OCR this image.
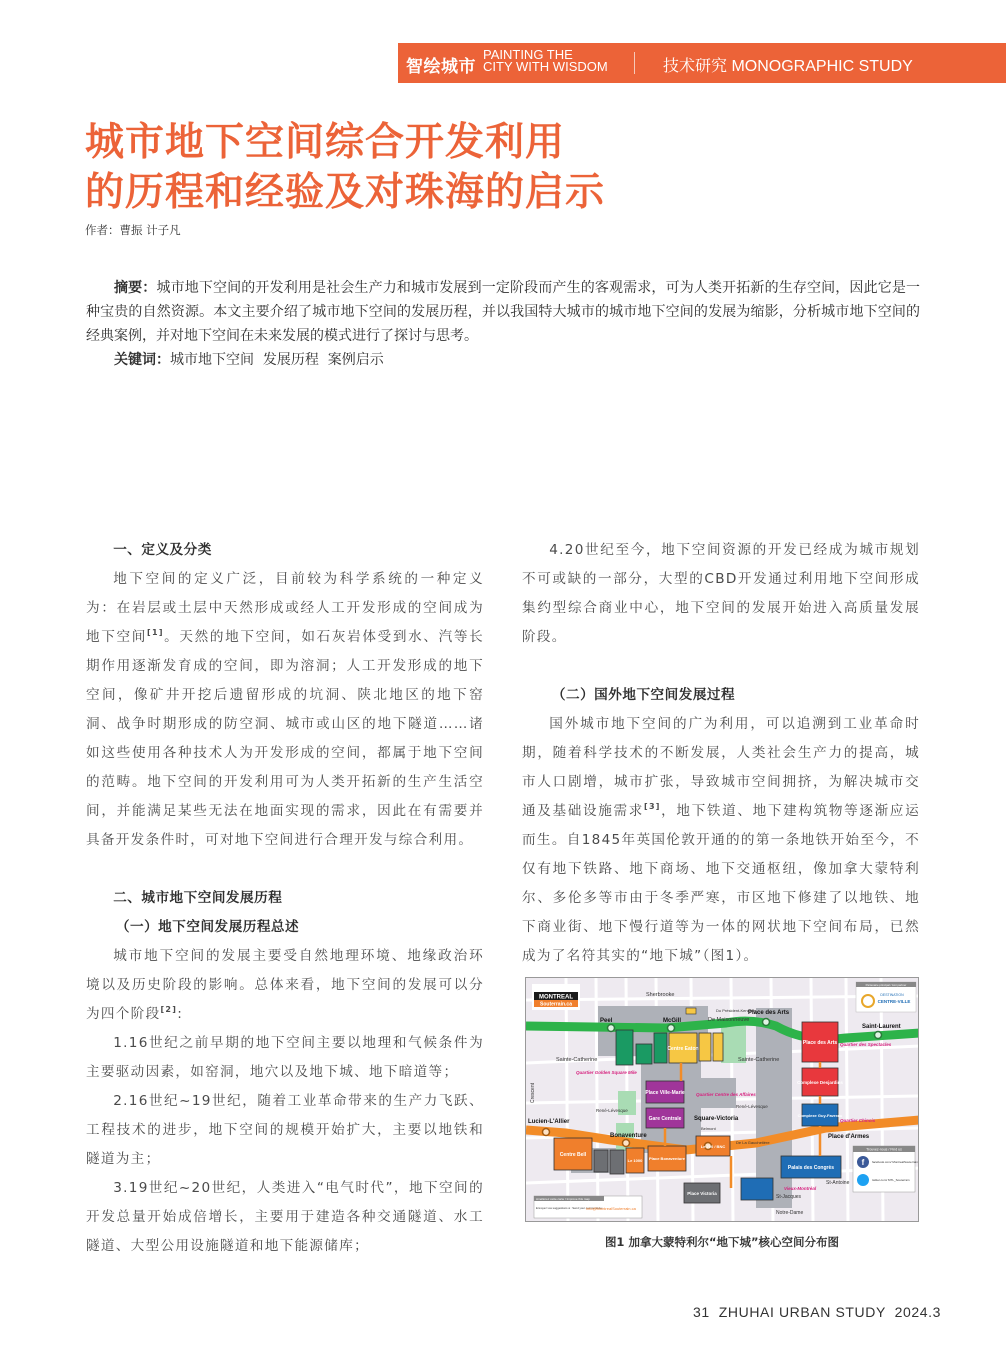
智绘城市
PAINTING THE
CITY WITH WISDOM	技术研究 MONOGRAPHIC STUDY
城市地下空间综合开发利用
的历程和经验及对珠海的启示
作者：曹振 计子凡
摘要：城市地下空间的开发利用是社会生产力和城市发展到一定阶段而产生的客观需求，可为人类开拓新的生存空间，因此它是一种宝贵的自然资源。本文主要介绍了城市地下空间的发展历程，并以我国特大城市的城市地下空间的发展为缩影，分析城市地下空间的经典案例，并对地下空间在未来发展的模式进行了探讨与思考。
关键词：城市地下空间  发展历程  案例启示
一、定义及分类
地下空间的定义广泛，目前较为科学系统的一种定义为：在岩层或土层中天然形成或经人工开发形成的空间成为地下空间[1]。天然的地下空间，如石灰岩体受到水、汽等长期作用逐渐发育成的空间，即为溶洞；人工开发形成的地下空间，像矿井开挖后遗留形成的坑洞、陕北地区的地下窑洞、战争时期形成的防空洞、城市或山区的地下隧道……诸如这些使用各种技术人为开发形成的空间，都属于地下空间的范畴。地下空间的开发利用可为人类开拓新的生产生活空间，并能满足某些无法在地面实现的需求，因此在有需要并具备开发条件时，可对地下空间进行合理开发与综合利用。
二、城市地下空间发展历程
（一）地下空间发展历程总述
城市地下空间的发展主要受自然地理环境、地缘政治环境以及历史阶段的影响。总体来看，地下空间的发展可以分为四个阶段[2]:
1.16世纪之前早期的地下空间主要以地理和气候条件为主要驱动因素，如窑洞，地穴以及地下城、地下暗道等；
2.16世纪~19世纪，随着工业革命带来的生产力飞跃、工程技术的进步，地下空间的规模开始扩大，主要以地铁和隧道为主；
3.19世纪~20世纪，人类进入“电气时代”，地下空间的开发总量开始成倍增长，主要用于建造各种交通隧道、水工隧道、大型公用设施隧道和地下能源储库；
4.20世纪至今，地下空间资源的开发已经成为城市规划不可或缺的一部分，大型的CBD开发通过利用地下空间形成集约型综合商业中心，地下空间的发展开始进入高质量发展阶段。
（二）国外地下空间发展过程
国外城市地下空间的广为利用，可以追溯到工业革命时期，随着科学技术的不断发展，人类社会生产力的提高，城市人口剧增，城市扩张，导致城市空间拥挤，为解决城市交通及基础设施需求[3]，地下铁道、地下建构筑物等逐渐应运而生。自1845年英国伦敦开通的的第一条地铁开始至今，不仅有地下铁路、地下商场、地下交通枢纽，像加拿大蒙特利尔、多伦多等市由于冬季严寒，市区地下修建了以地铁、地下商业街、地下慢行道等为一体的网状地下空间布局，已然成为了名符其实的“地下城”（图1）。
Peel	McGill
Place des Arts
Saint-Laurent
Lucien-L'Allier
Bonaventure
Square-Victoria
Place d'Armes
Sherbrooke
Du Président-Kennedy
De Maisonneuve
Sainte-Catherine	Sainte-Catherine
René-Lévesque
René-Lévesque
De La Gauchetière
St-Antoine
St-Jacques
Notre-Dame
Belmont
Crescent	Place Ville-Marie
Gare Centrale
Centre Eaton
Place des Arts
Complexe Desjardins
Complexe Guy-Favreau
Palais des Congrès
Centre Bell
Le 1000 Place Bonaventure
Le 700 / BNC
Place Victoria
Quartier Golden Square Mile
Quartier Centre des Affaires
Quartier des Spectacles
Quartier Chinois
Vieux-Montréal
MONTREAL
Souterrain.ca
Partenaire principal / Ami partner
DESTINATION
CENTRE-VILLE
Trouvez-nous / Find us
f	facebook.com/ MontrealSouterrain
twitter.com/ MTL_Souterrain
Améliorez cette carte / Improve this map
Envoyez vos suggestions à : Send your comments to:
info@MontrealSouterrain.ca
图1 加拿大蒙特利尔“地下城”核心空间分布图
31  ZHUHAI URBAN STUDY  2024.3
